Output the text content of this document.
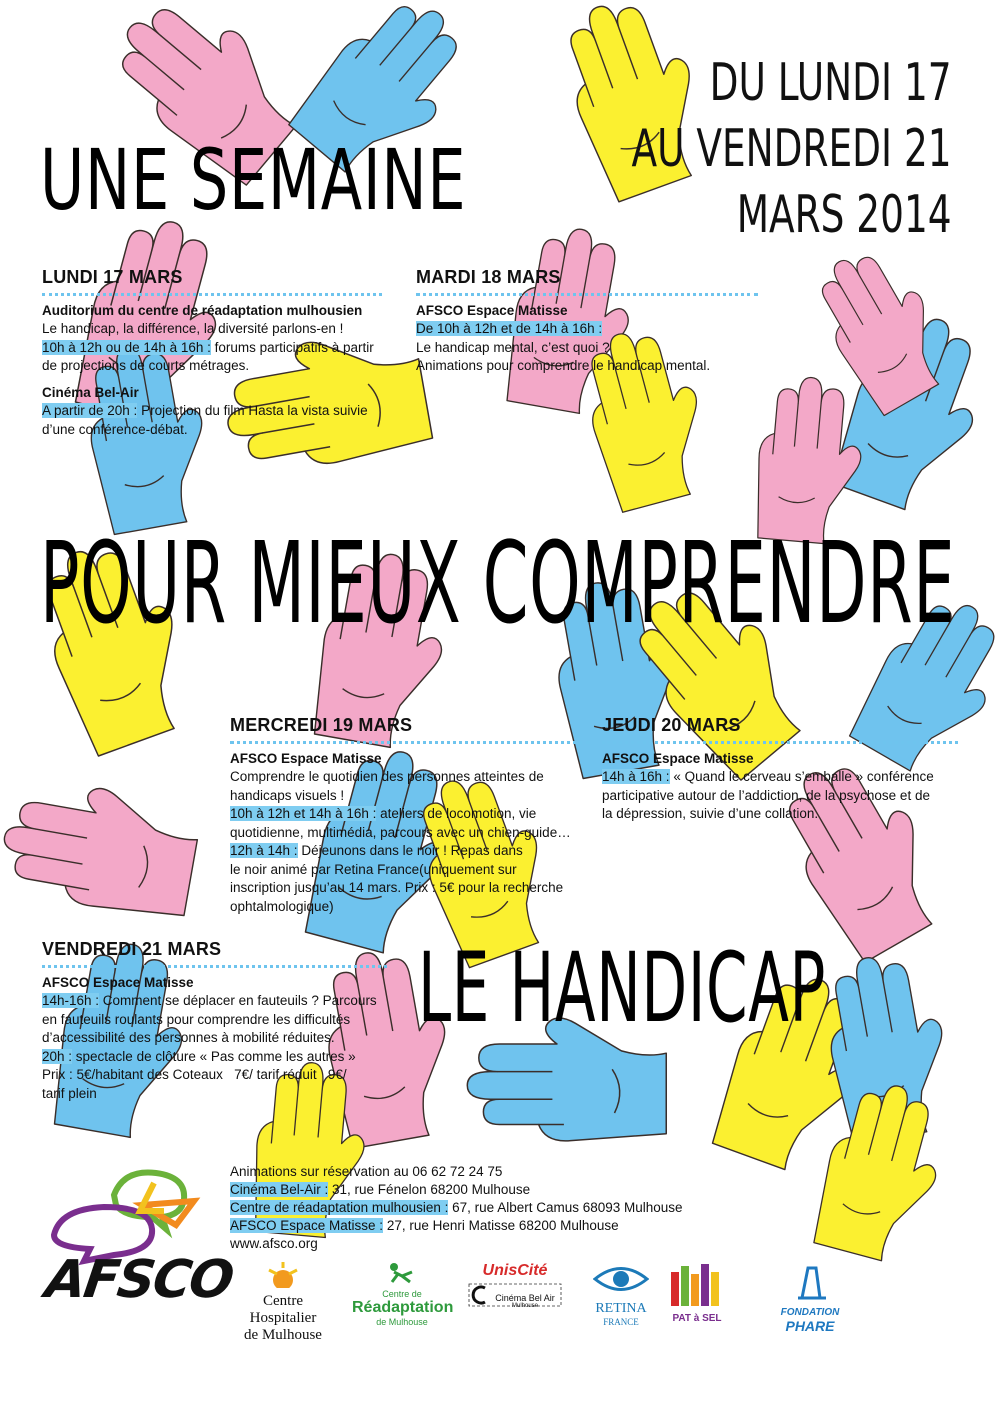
UNE SEMAINE
DU LUNDI 17
AU VENDREDI 21
MARS 2014
POUR MIEUX COMPRENDRE
LE HANDICAP
LUNDI 17 MARS

Auditorium du centre de réadaptation mulhousien

Le handicap, la différence, la diversité parlons-en !

10h à 12h ou de 14h à 16h : forums participatifs à partir

de projections de courts métrages.

Cinéma Bel-Air

A partir de 20h : Projection du film Hasta la vista suivie

d’une conférence-débat.

MARDI 18 MARS

AFSCO Espace Matisse

De 10h à 12h et de 14h à 16h :

Le handicap mental, c’est quoi ?

Animations pour comprendre le handicap mental.

MERCREDI 19 MARS

AFSCO Espace Matisse

Comprendre le quotidien des personnes atteintes de

handicaps visuels !

10h à 12h et 14h à 16h : ateliers de locomotion, vie

quotidienne, multimédia, parcours avec un chien-guide…

12h à 14h : Déjeunons dans le noir ! Repas dans

le noir animé par Retina France(uniquement sur

inscription jusqu’au 14 mars. Prix : 5€ pour la recherche

ophtalmologique)

JEUDI 20 MARS

AFSCO Espace Matisse

14h à 16h : « Quand le cerveau s’emballe » conférence

participative autour de l’addiction, de la psychose et de

la dépression, suivie d’une collation.

VENDREDI 21 MARS

AFSCO Espace Matisse

14h-16h : Comment se déplacer en fauteuils ? Parcours

en fauteuils roulants pour comprendre les difficultés

d’accessibilité des personnes à mobilité réduites.

20h : spectacle de clôture « Pas comme les autres »

Prix : 5€/habitant des Coteaux   7€/ tarif réduit   9€/

tarif plein

Animations sur réservation au 06 62 72 24 75

Cinéma Bel-Air : 31, rue Fénelon 68200 Mulhouse

Centre de réadaptation mulhousien : 67, rue Albert Camus 68093 Mulhouse

AFSCO Espace Matisse : 27, rue Henri Matisse 68200 Mulhouse

www.afsco.org

AFSCO	Centre Hospitalier
de Mulhouse
Centre de
Réadaptation
de Mulhouse
UnisCité
Cinéma Bel Air
Mulhouse	RETINA
FRANCE	PAT à SEL
FONDATION
PHARE
